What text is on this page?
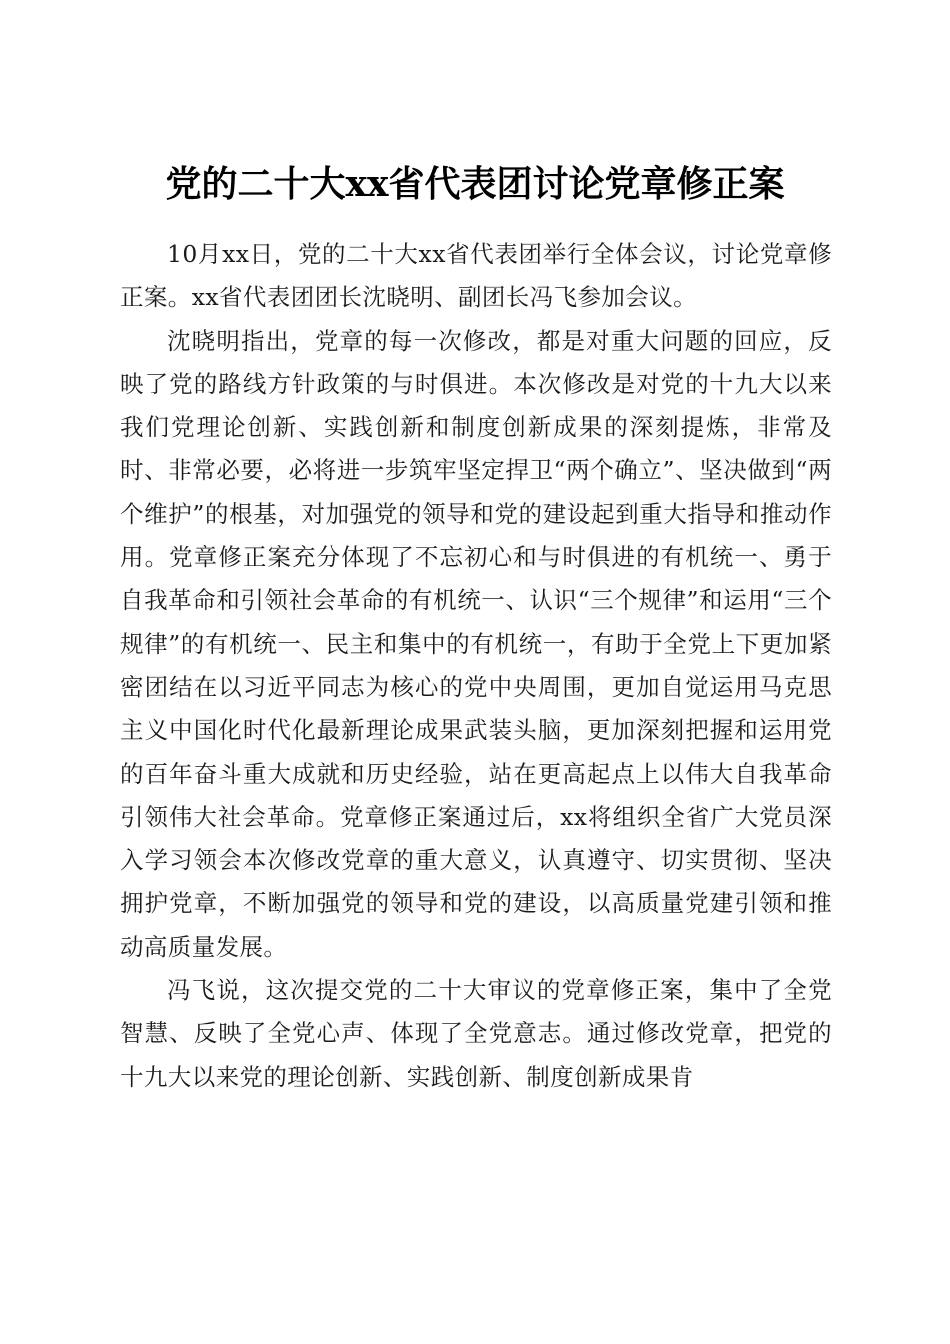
党的二十大xx省代表团讨论党章修正案

10月xx日，党的二十大xx省代表团举行全体会议，讨论党章修正案。xx省代表团团长沈晓明、副团长冯飞参加会议。

沈晓明指出，党章的每一次修改，都是对重大问题的回应，反映了党的路线方针政策的与时俱进。本次修改是对党的十九大以来我们党理论创新、实践创新和制度创新成果的深刻提炼，非常及时、非常必要，必将进一步筑牢坚定捍卫“两个确立”、坚决做到“两个维护”的根基，对加强党的领导和党的建设起到重大指导和推动作用。党章修正案充分体现了不忘初心和与时俱进的有机统一、勇于自我革命和引领社会革命的有机统一、认识“三个规律”和运用“三个规律”的有机统一、民主和集中的有机统一，有助于全党上下更加紧密团结在以习近平同志为核心的党中央周围，更加自觉运用马克思主义中国化时代化最新理论成果武装头脑，更加深刻把握和运用党的百年奋斗重大成就和历史经验，站在更高起点上以伟大自我革命引领伟大社会革命。党章修正案通过后，xx将组织全省广大党员深入学习领会本次修改党章的重大意义，认真遵守、切实贯彻、坚决拥护党章，不断加强党的领导和党的建设，以高质量党建引领和推动高质量发展。

冯飞说，这次提交党的二十大审议的党章修正案，集中了全党智慧、反映了全党心声、体现了全党意志。通过修改党章，把党的十九大以来党的理论创新、实践创新、制度创新成果肯
